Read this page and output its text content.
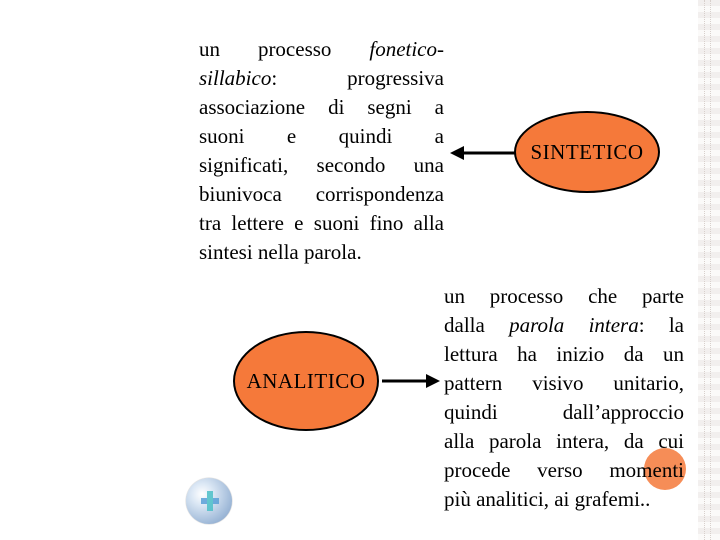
un processo fonetico-
sillabico: progressiva
associazione di segni a
suoni e quindi a
significati, secondo una
biunivoca corrispondenza
tra lettere e suoni fino alla
sintesi nella parola.
SINTETICO
ANALITICO
un processo che parte
dalla parola intera: la
lettura ha inizio da un
pattern visivo unitario,
quindi dall’approccio
alla parola intera, da cui
procede verso momenti
più analitici, ai grafemi..
